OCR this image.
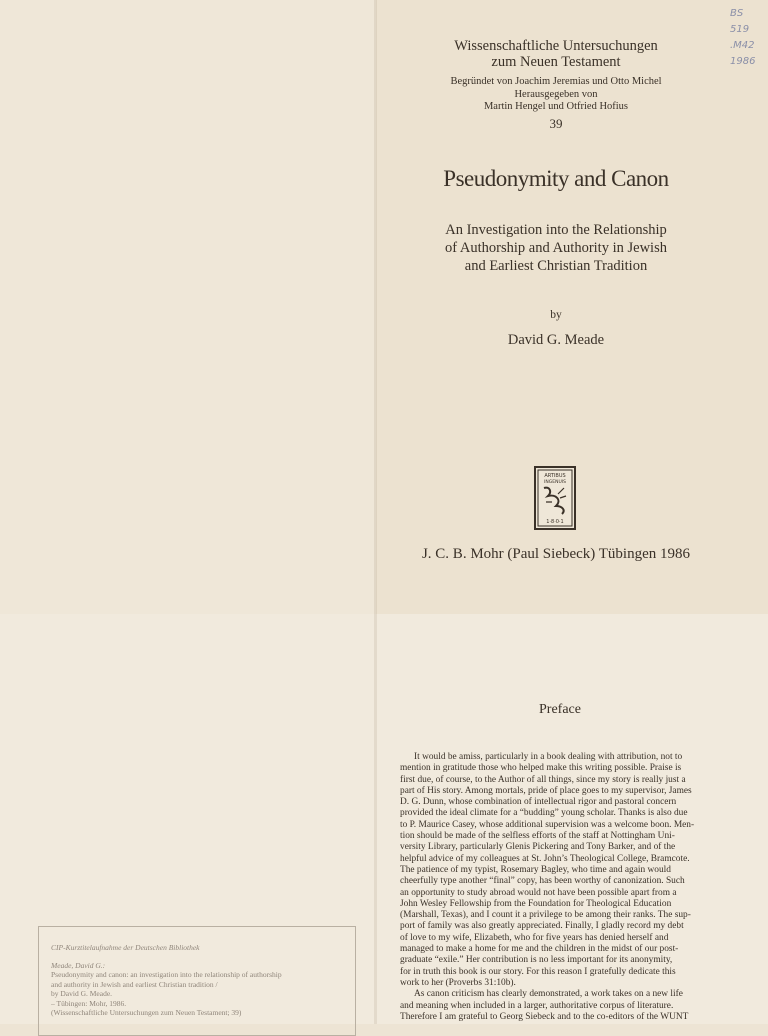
BS
519
.M42
1986
Wissenschaftliche Untersuchungen
zum Neuen Testament
Begründet von Joachim Jeremias und Otto Michel
Herausgegeben von
Martin Hengel und Otfried Hofius
39
Pseudonymity and Canon
An Investigation into the Relationship
of Authorship and Authority in Jewish
and Earliest Christian Tradition
by
David G. Meade
J. C. B. Mohr (Paul Siebeck) Tübingen 1986
ARTIBUS
INGENUIS
1·8·0·1
CIP-Kurztitelaufnahme der Deutschen Bibliothek
Meade, David G.:
Pseudonymity and canon: an investigation into the relationship of authorship
and authority in Jewish and earliest Christian tradition /
by David G. Meade.
– Tübingen: Mohr, 1986.
(Wissenschaftliche Untersuchungen zum Neuen Testament; 39)
Preface
It would be amiss, particularly in a book dealing with attribution, not to
mention in gratitude those who helped make this writing possible. Praise is
first due, of course, to the Author of all things, since my story is really just a
part of His story. Among mortals, pride of place goes to my supervisor, James
D. G. Dunn, whose combination of intellectual rigor and pastoral concern
provided the ideal climate for a “budding” young scholar. Thanks is also due
to P. Maurice Casey, whose additional supervision was a welcome boon. Men-
tion should be made of the selfless efforts of the staff at Nottingham Uni-
versity Library, particularly Glenis Pickering and Tony Barker, and of the
helpful advice of my colleagues at St. John’s Theological College, Bramcote.
The patience of my typist, Rosemary Bagley, who time and again would
cheerfully type another “final” copy, has been worthy of canonization. Such
an opportunity to study abroad would not have been possible apart from a
John Wesley Fellowship from the Foundation for Theological Education
(Marshall, Texas), and I count it a privilege to be among their ranks. The sup-
port of family was also greatly appreciated. Finally, I gladly record my debt
of love to my wife, Elizabeth, who for five years has denied herself and
managed to make a home for me and the children in the midst of our post-
graduate “exile.” Her contribution is no less important for its anonymity,
for in truth this book is our story. For this reason I gratefully dedicate this
work to her (Proverbs 31:10b).
As canon criticism has clearly demonstrated, a work takes on a new life
and meaning when included in a larger, authoritative corpus of literature.
Therefore I am grateful to Georg Siebeck and to the co-editors of the WUNT
